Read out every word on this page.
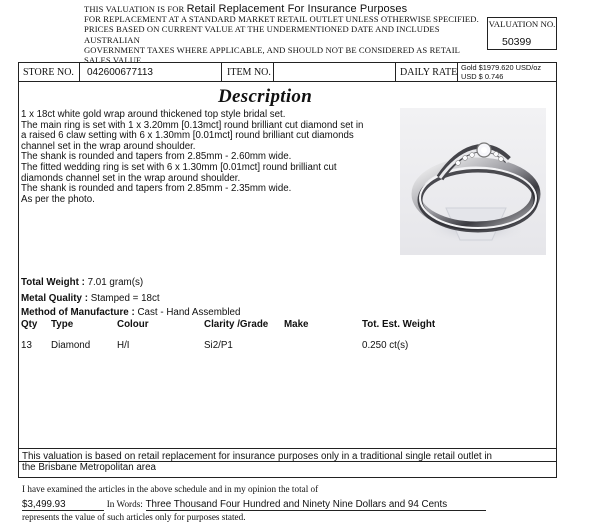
THIS VALUATION IS FOR Retail Replacement For Insurance Purposes
FOR REPLACEMENT AT A STANDARD MARKET RETAIL OUTLET UNLESS OTHERWISE SPECIFIED.
PRICES BASED ON CURRENT VALUE AT THE UNDERMENTIONED DATE AND INCLUDES AUSTRALIAN
GOVERNMENT TAXES WHERE APPLICABLE, AND SHOULD NOT BE CONSIDERED AS RETAIL SALES VALUE.
VALUATION NO.
50399
STORE NO. 042600677113	ITEM NO.	DAILY RATE Gold $1979.620 USD/oz
USD $ 0.746
Description
1 x 18ct white gold wrap around thickened top style bridal set.
The main ring is set with 1 x 3.20mm [0.13mct] round brilliant cut diamond set in
a raised 6 claw setting with 6 x 1.30mm [0.01mct] round brilliant cut diamonds
channel set in the wrap around shoulder.
The shank is rounded and tapers from 2.85mm - 2.60mm wide.
The fitted wedding ring is set with 6 x 1.30mm [0.01mct] round brilliant cut
diamonds channel set in the wrap around shoulder.
The shank is rounded and tapers from 2.85mm - 2.35mm wide.
As per the photo.
Total Weight : 7.01 gram(s)
Metal Quality : Stamped = 18ct
Method of Manufacture : Cast - Hand Assembled
Qty Type	Colour	Clarity /Grade Make	Tot. Est. Weight
13 Diamond	H/I	Si2/P1	0.250 ct(s)
This valuation is based on retail replacement for insurance purposes only in a traditional single retail outlet in
the Brisbane Metropolitan area
I have examined the articles in the above schedule and in my opinion the total of
$3,499.93	In Words: Three Thousand Four Hundred and Ninety Nine Dollars and 94 Cents
represents the value of such articles only for purposes stated.
